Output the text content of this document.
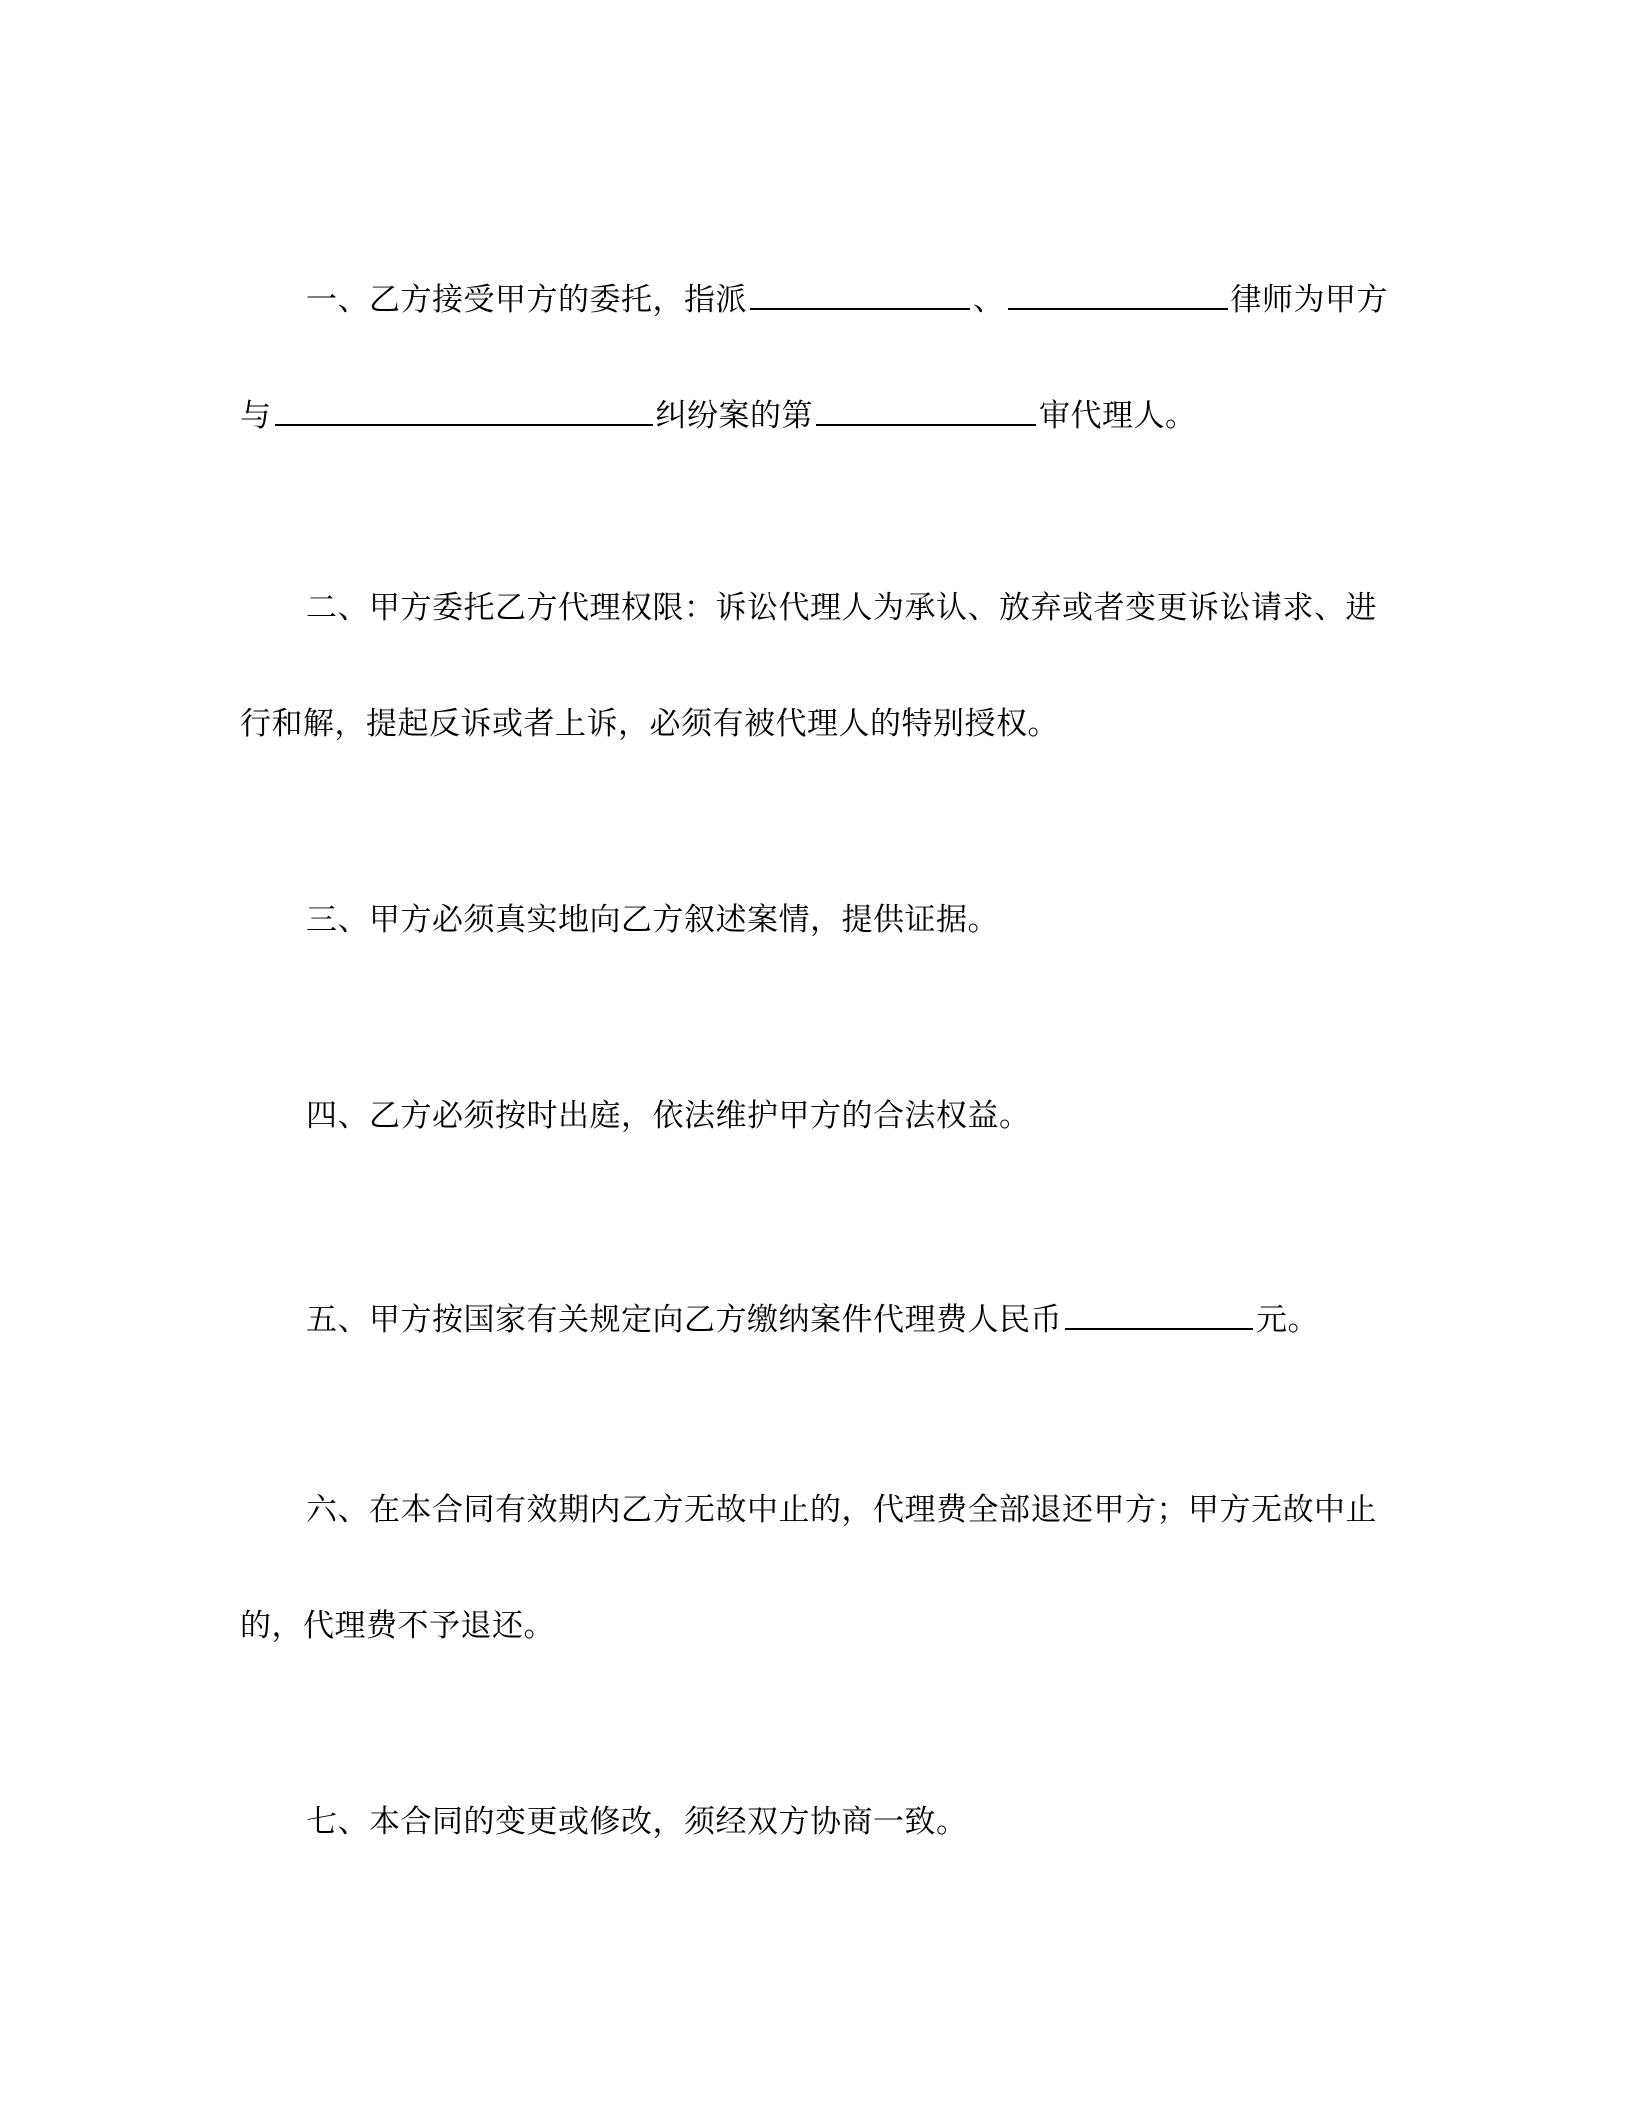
一、乙方接受甲方的委托，指派	、	律师为甲方
与	纠纷案的第	审代理人。
二、甲方委托乙方代理权限：诉讼代理人为承认、放弃或者变更诉讼请求、进
行和解，提起反诉或者上诉，必须有被代理人的特别授权。
三、甲方必须真实地向乙方叙述案情，提供证据。
四、乙方必须按时出庭，依法维护甲方的合法权益。
五、甲方按国家有关规定向乙方缴纳案件代理费人民币	元。
六、在本合同有效期内乙方无故中止的，代理费全部退还甲方；甲方无故中止
的，代理费不予退还。
七、本合同的变更或修改，须经双方协商一致。
